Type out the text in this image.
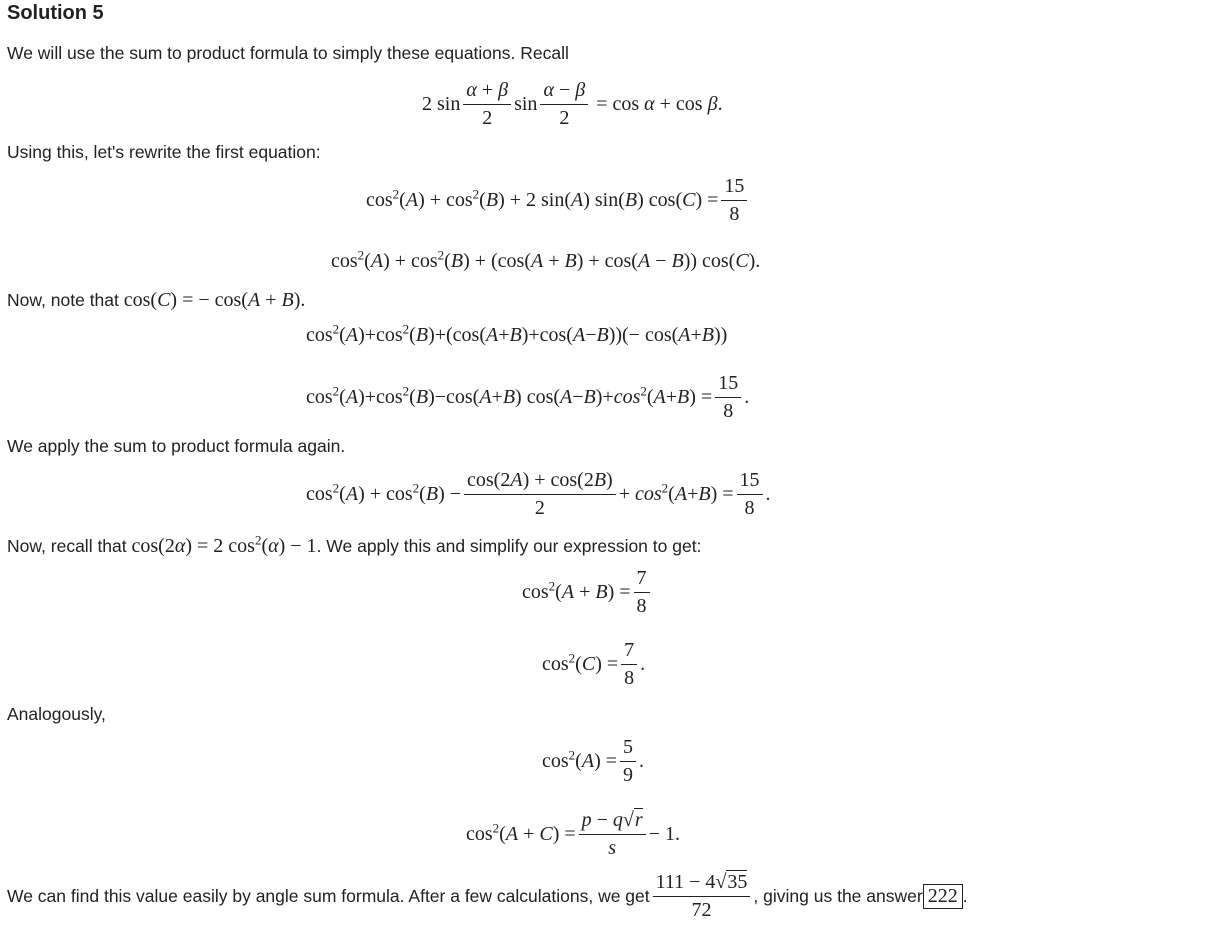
Solution 5
We will use the sum to product formula to simply these equations. Recall
2 $\sin \frac{\alpha + \beta}{2}$ $\sin \frac{\alpha - \beta}{2} = \cos \alpha + \cos \beta$.
Using this, let's rewrite the first equation:
$\cos^2(A) + \cos^2(B) + 2$ sin(A) sin(B) $\cos(C) = \frac{15}{8}$
$\cos^2(A) + \cos^2(B) + (\cos(A + B) + \cos(A - B))$ cos(C).
Now, note that cos(C) = − cos(A + B).
$\cos^2(A)+\cos^2(B)+(\cos(A+B)+\cos(A-B))(- \cos(A+B))$
$\cos^2(A)+\cos^2(B)-\cos(A+B) \cos(A-B)+\cos^2(A+B) = \frac{15}{8}$ .
We apply the sum to product formula again.
$\cos^2(A) + \cos^2(B) - \frac{\cos(2A) + \cos(2B)}{2} + \cos^2(A+B) = \frac{15}{8}$ .
Now, recall that cos(2α) = 2 $\cos^2(\alpha) - 1$. We apply this and simplify our expression to get:
$\cos^2(A + B) = \frac{7}{8}$
$\cos^2(C) = \frac{7}{8}$ .
Analogously,
$\cos^2(A) = \frac{5}{9}$ .
$\cos^2(A + C) = \frac{p - q√r}{s} - 1$.
We can find this value easily by angle sum formula. After a few calculations, we get $\frac{111 - 4√35}{72}$ , giving us the answer 222 .
